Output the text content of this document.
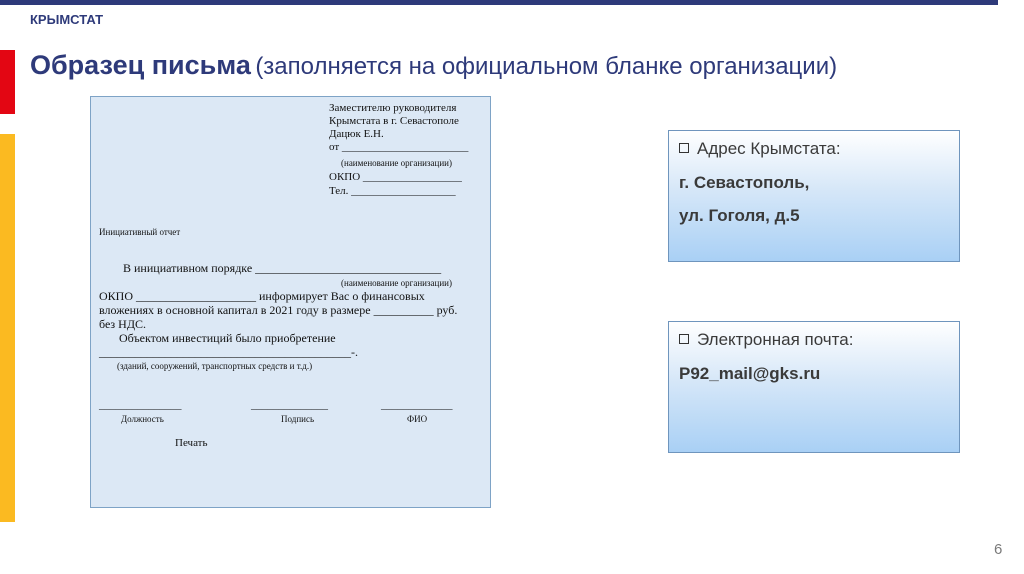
КРЫМСТАТ
Образец письма (заполняется на официальном бланке организации)
Заместителю руководителя
Крымстата в г. Севастополе
Дацюк Е.Н.
от _______________________
(наименование организации)
ОКПО __________________
Тел. ___________________
Инициативный отчет
В инициативном порядке _______________________________
(наименование организации)
ОКПО ____________________ информирует Вас о финансовых
вложениях в основной капитал в 2021 году в размере __________ руб.
без НДС.
Объектом инвестиций было приобретение
__________________________________________-.
(зданий, сооружений, транспортных средств и т.д.)
_______________	______________	_____________
Должность	Подпись	ФИО
Печать
Адрес Крымстата:
г. Севастополь,
ул. Гоголя, д.5
Электронная почта:
P92_mail@gks.ru
6
